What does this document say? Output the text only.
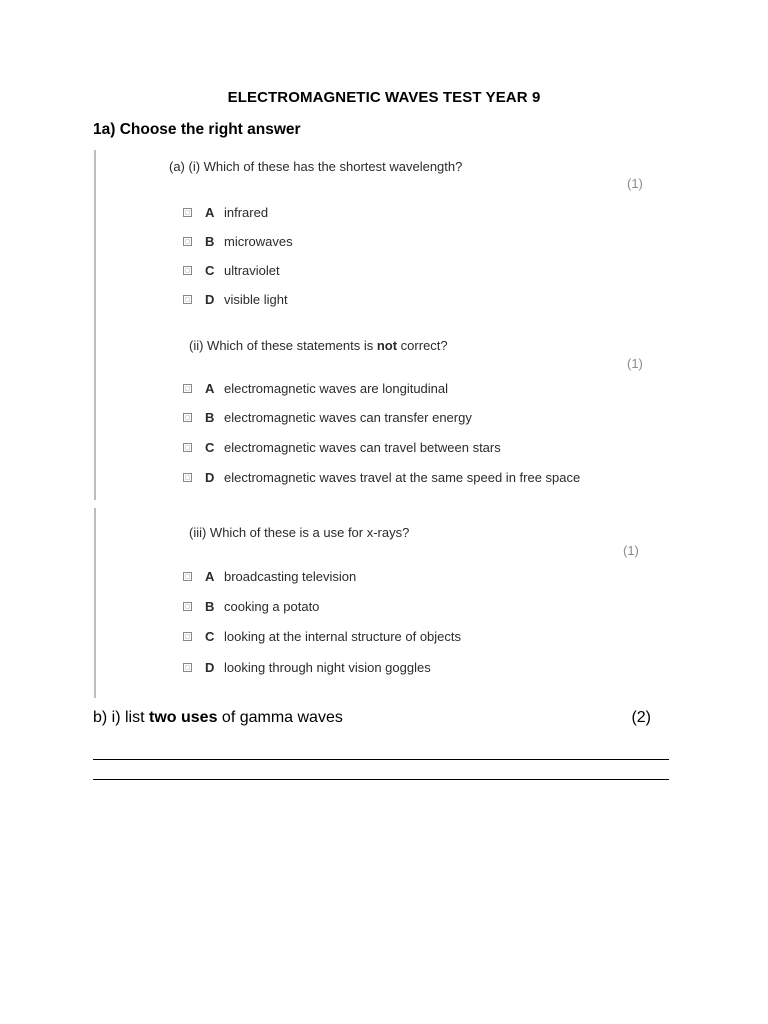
ELECTROMAGNETIC WAVES TEST YEAR 9
1a) Choose the right answer
(a) (i) Which of these has the shortest wavelength?
(1)
A infrared
B microwaves
C ultraviolet
D visible light
(ii) Which of these statements is not correct?
(1)
A electromagnetic waves are longitudinal
B electromagnetic waves can transfer energy
C electromagnetic waves can travel between stars
D electromagnetic waves travel at the same speed in free space
(iii) Which of these is a use for x-rays?
(1)
A broadcasting television
B cooking a potato
C looking at the internal structure of objects
D looking through night vision goggles
b) i) list two uses of gamma waves	(2)
